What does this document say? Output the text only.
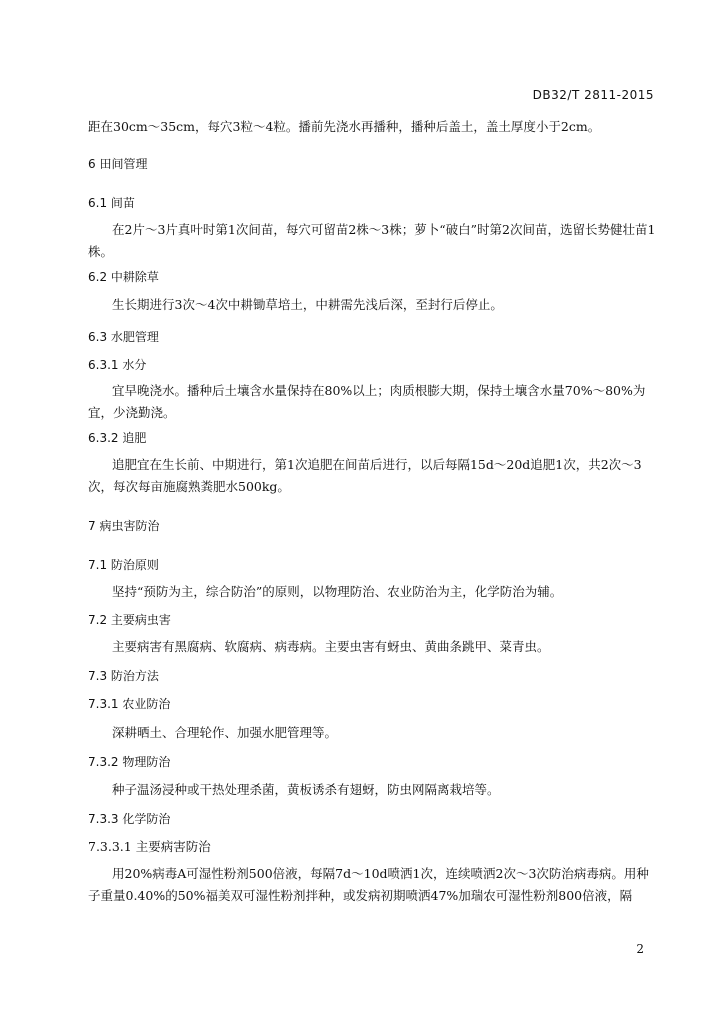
DB32/T 2811-2015
距在30cm～35cm，每穴3粒～4粒。播前先浇水再播种，播种后盖土，盖土厚度小于2cm。
6 田间管理
6.1 间苗
在2片～3片真叶时第1次间苗，每穴可留苗2株～3株；萝卜“破白”时第2次间苗，选留长势健壮苗1株。
6.2 中耕除草
生长期进行3次～4次中耕锄草培土，中耕需先浅后深，至封行后停止。
6.3 水肥管理
6.3.1 水分
宜早晚浇水。播种后土壤含水量保持在80%以上；肉质根膨大期，保持土壤含水量70%～80%为宜，少浇勤浇。
6.3.2 追肥
追肥宜在生长前、中期进行，第1次追肥在间苗后进行，以后每隔15d～20d追肥1次，共2次～3次，每次每亩施腐熟粪肥水500kg。
7 病虫害防治
7.1 防治原则
坚持“预防为主，综合防治”的原则，以物理防治、农业防治为主，化学防治为辅。
7.2 主要病虫害
主要病害有黑腐病、软腐病、病毒病。主要虫害有蚜虫、黄曲条跳甲、菜青虫。
7.3 防治方法
7.3.1 农业防治
深耕晒土、合理轮作、加强水肥管理等。
7.3.2 物理防治
种子温汤浸种或干热处理杀菌，黄板诱杀有翅蚜，防虫网隔离栽培等。
7.3.3 化学防治
7.3.3.1 主要病害防治
用20%病毒A可湿性粉剂500倍液，每隔7d～10d喷洒1次，连续喷洒2次～3次防治病毒病。用种子重量0.40%的50%福美双可湿性粉剂拌种，或发病初期喷洒47%加瑞农可湿性粉剂800倍液，隔
2
